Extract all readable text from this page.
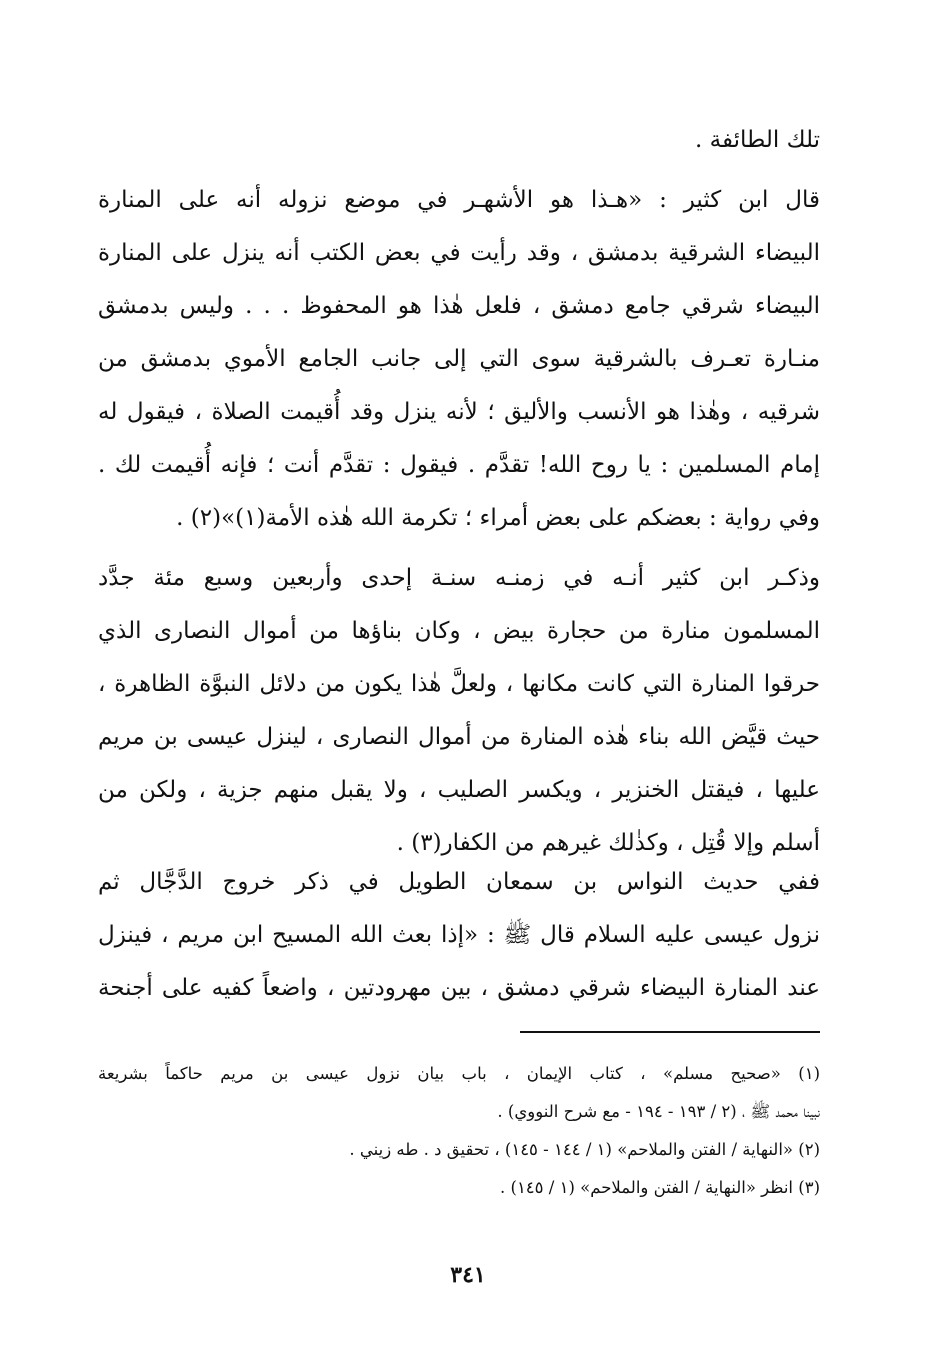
تلك الطائفة .
قال ابن كثير : «هـذا هو الأشهـر في موضع نزوله أنه على المنارة
البيضاء الشرقية بدمشق ، وقد رأيت في بعض الكتب أنه ينزل على المنارة
البيضاء شرقي جامع دمشق ، فلعل هٰذا هو المحفوظ . . . وليس بدمشق
منـارة تعـرف بالشرقية سوى التي إلى جانب الجامع الأموي بدمشق من
شرقيه ، وهٰذا هو الأنسب والأليق ؛ لأنه ينزل وقد أُقيمت الصلاة ، فيقول له
إمام المسلمين : يا روح الله! تقدَّم . فيقول : تقدَّم أنت ؛ فإنه أُقيمت لك .
وفي رواية : بعضكم على بعض أمراء ؛ تكرمة الله هٰذه الأمة(١)»(٢) .
وذكـر ابن كثير أنـه في زمنـه سنـة إحدى وأربعين وسبع مئة جدَّد
المسلمون منارة من حجارة بيض ، وكان بناؤها من أموال النصارى الذي
حرقوا المنارة التي كانت مكانها ، ولعلَّ هٰذا يكون من دلائل النبوَّة الظاهرة ،
حيث قيَّض الله بناء هٰذه المنارة من أموال النصارى ، لينزل عيسى بن مريم
عليها ، فيقتل الخنزير ، ويكسر الصليب ، ولا يقبل منهم جزية ، ولكن من
أسلم وإلا قُتِل ، وكذٰلك غيرهم من الكفار(٣) .
ففي حديث النواس بن سمعان الطويل في ذكر خروج الدَّجَّال ثم
نزول عيسى عليه السلام قال ﷺ : «إذا بعث الله المسيح ابن مريم ، فينزل
عند المنارة البيضاء شرقي دمشق ، بين مهرودتين ، واضعاً كفيه على أجنحة
(١) «صحيح مسلم» ، كتاب الإيمان ، باب بيان نزول عيسى بن مريم حاكماً بشريعة
نبينا محمد ﷺ ، (٢ / ١٩٣ - ١٩٤ - مع شرح النووي) .
(٢) «النهاية / الفتن والملاحم» (١ / ١٤٤ - ١٤٥) ، تحقيق د . طه زيني .
(٣) انظر «النهاية / الفتن والملاحم» (١ / ١٤٥) .
٣٤١
